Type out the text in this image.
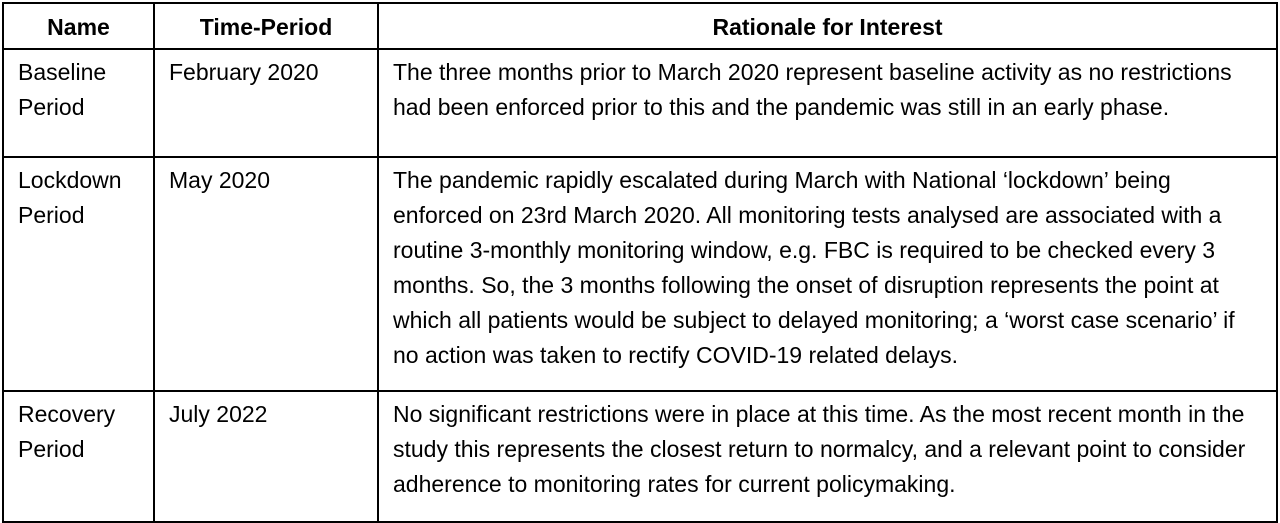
Name	Time-Period	Rationale for Interest
Baseline Period	February 2020	The three months prior to March 2020 represent baseline activity as no restrictions had been enforced prior to this and the pandemic was still in an early phase.
Lockdown Period	May 2020	The pandemic rapidly escalated during March with National ‘lockdown’ being enforced on 23rd March 2020. All monitoring tests analysed are associated with a routine 3-monthly monitoring window, e.g. FBC is required to be checked every 3 months. So, the 3 months following the onset of disruption represents the point at which all patients would be subject to delayed monitoring; a ‘worst case scenario’ if no action was taken to rectify COVID-19 related delays.
Recovery Period	July 2022	No significant restrictions were in place at this time. As the most recent month in the study this represents the closest return to normalcy, and a relevant point to consider adherence to monitoring rates for current policymaking.
